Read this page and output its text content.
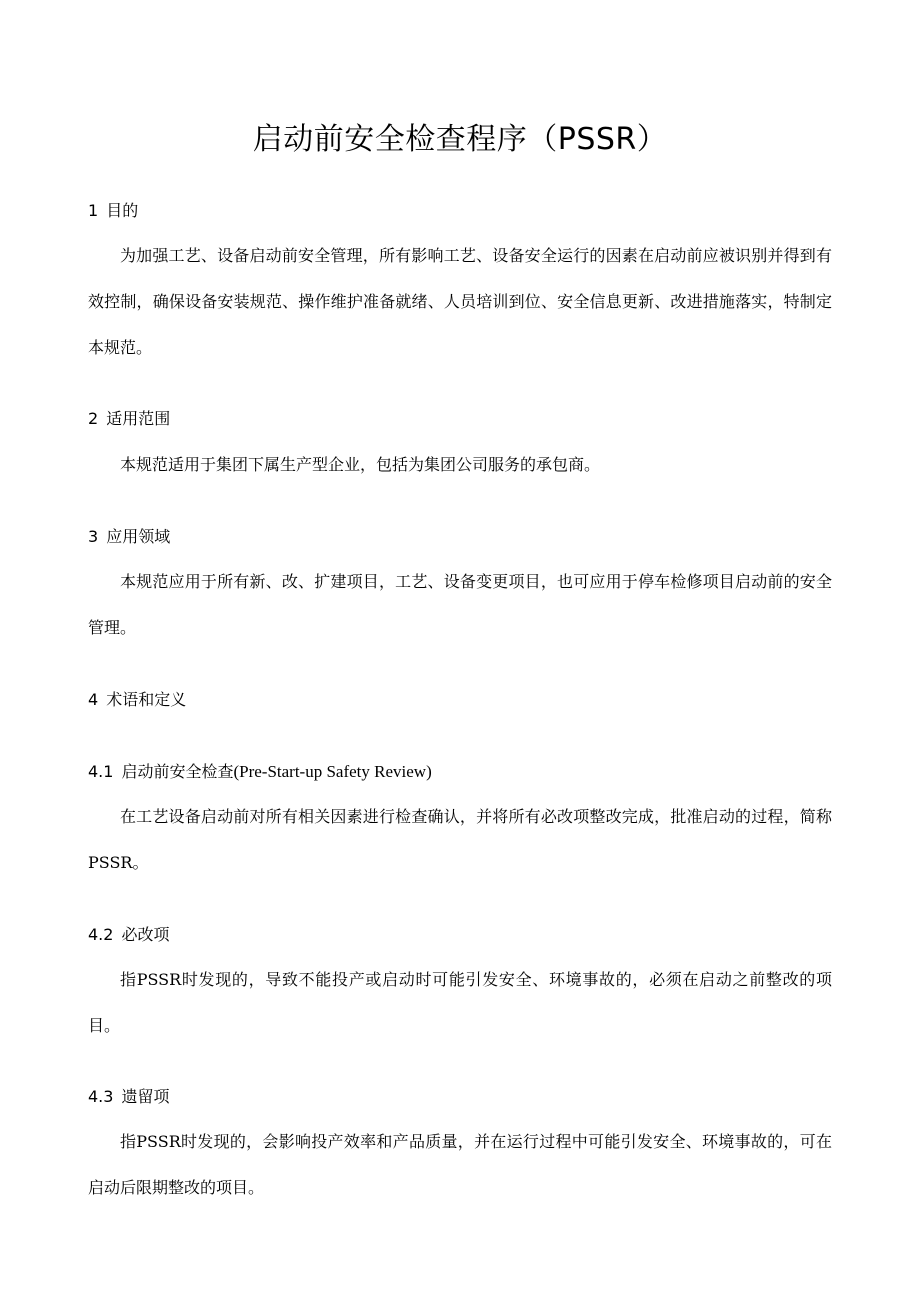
启动前安全检查程序（PSSR）
1 目的

为加强工艺、设备启动前安全管理，所有影响工艺、设备安全运行的因素在启动前应被识别并得到有效控制，确保设备安装规范、操作维护准备就绪、人员培训到位、安全信息更新、改进措施落实，特制定本规范。

2 适用范围

本规范适用于集团下属生产型企业，包括为集团公司服务的承包商。

3 应用领域

本规范应用于所有新、改、扩建项目，工艺、设备变更项目，也可应用于停车检修项目启动前的安全管理。

4 术语和定义
4.1 启动前安全检查(Pre-Start-up Safety Review)

在工艺设备启动前对所有相关因素进行检查确认，并将所有必改项整改完成，批准启动的过程，简称PSSR。

4.2 必改项

指PSSR时发现的，导致不能投产或启动时可能引发安全、环境事故的，必须在启动之前整改的项目。

4.3 遗留项

指PSSR时发现的，会影响投产效率和产品质量，并在运行过程中可能引发安全、环境事故的，可在启动后限期整改的项目。
